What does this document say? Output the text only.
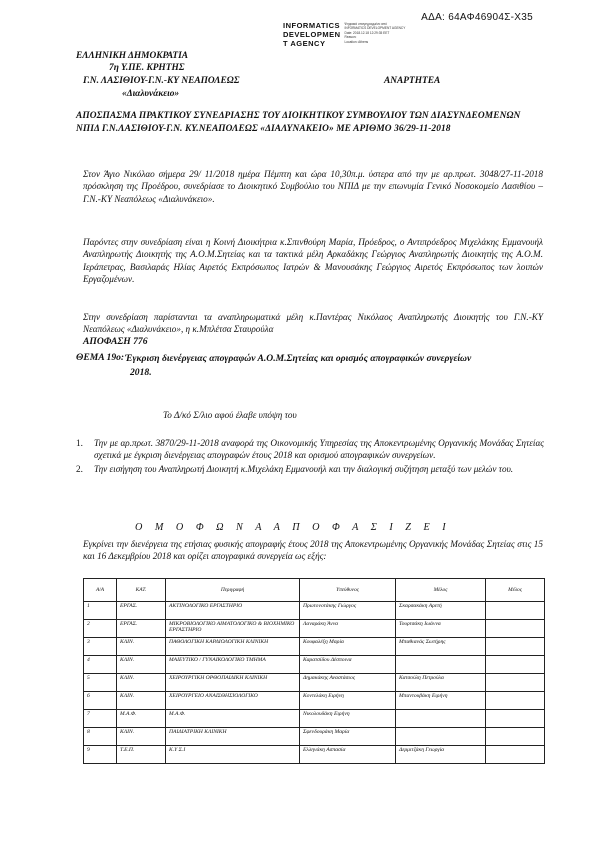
ΑΔΑ: 64ΑΦ46904Σ-Χ35
INFORMATICS
DEVELOPMEN
T AGENCY
Ψηφιακά υπογεγραμμένο από
INFORMATICS DEVELOPMENT AGENCY
Date: 2018.12.18 12:29:35 EET
Reason:
Location: Athens
ΕΛΛΗΝΙΚΗ ΔΗΜΟΚΡΑΤΙΑ
7η Υ.ΠΕ. ΚΡΗΤΗΣ
Γ.Ν. ΛΑΣΙΘΙΟΥ-Γ.Ν.-ΚΥ ΝΕΑΠΟΛΕΩΣ	ΑΝΑΡΤΗΤΕΑ
«Διαλυνάκειο»
ΑΠΟΣΠΑΣΜΑ ΠΡΑΚΤΙΚΟΥ ΣΥΝΕΔΡΙΑΣΗΣ ΤΟΥ ΔΙΟΙΚΗΤΙΚΟΥ ΣΥΜΒΟΥΛΙΟΥ ΤΩΝ ΔΙΑΣΥΝΔΕΟΜΕΝΩΝ ΝΠΙΔ Γ.Ν.ΛΑΣΙΘΙΟΥ-Γ.Ν. ΚΥ.ΝΕΑΠΟΛΕΩΣ «ΔΙΑΛΥΝΑΚΕΙΟ» ΜΕ ΑΡΙΘΜΟ 36/29-11-2018
Στον Άγιο Νικόλαο σήμερα 29/ 11/2018 ημέρα Πέμπτη και ώρα 10,30π.μ. ύστερα από την με αρ.πρωτ. 3048/27-11-2018 πρόσκληση της Προέδρου, συνεδρίασε το Διοικητικό Συμβούλιο του ΝΠΙΔ με την επωνυμία Γενικό Νοσοκομείο Λασιθίου – Γ.Ν.-ΚΥ Νεαπόλεως «Διαλυνάκειο».
Παρόντες στην συνεδρίαση είναι η Κοινή Διοικήτρια κ.Σπινθούρη Μαρία, Πρόεδρος, ο Αντιπρόεδρος Μιχελάκης Εμμανουήλ Αναπληρωτής Διοικητής της Α.Ο.Μ.Σητείας και τα τακτικά μέλη Αρκαδάκης Γεώργιος Αναπληρωτής Διοικητής της Α.Ο.Μ. Ιεράπετρας, Βασιλαράς Ηλίας Αιρετός Εκπρόσωπος Ιατρών & Μανουσάκης Γεώργιος Αιρετός Εκπρόσωπος των λοιπών Εργαζομένων.
Στην συνεδρίαση παρίστανται τα αναπληρωματικά μέλη κ.Παντέρας Νικόλαος Αναπληρωτής Διοικητής του Γ.Ν.-ΚΥ Νεαπόλεως «Διαλυνάκειο», η κ.Μπλέτσα Σταυρούλα
ΑΠΟΦΑΣΗ 776
ΘΕΜΑ 19ο: Έγκριση διενέργειας απογραφών Α.Ο.Μ.Σητείας και ορισμός απογραφικών συνεργείων 2018.
Το Δ/κό Σ/λιο αφού έλαβε υπόψη του
1.	Την με αρ.πρωτ. 3870/29-11-2018 αναφορά της Οικονομικής Υπηρεσίας της Αποκεντρωμένης Οργανικής Μονάδας Σητείας σχετικά με έγκριση διενέργειας απογραφών έτους 2018 και ορισμού απογραφικών συνεργείων.
2.	Την εισήγηση του Αναπληρωτή Διοικητή κ.Μιχελάκη Εμμανουήλ και την διαλογική συζήτηση μεταξύ των μελών του.
Ο Μ Ο Φ Ω Ν Α Α Π Ο Φ Α Σ Ι Ζ Ε Ι
Εγκρίνει την διενέργεια της ετήσιας φυσικής απογραφής έτους 2018 της Αποκεντρωμένης Οργανικής Μονάδας Σητείας στις 15 και 16 Δεκεμβρίου 2018 και ορίζει απογραφικά συνεργεία ως εξής:
Α/Α	ΚΑΤ.	Περιγραφή	Υπεύθυνος	Μέλος	Μέλος
1	ΕΡΓΑΣ.	ΑΚΤΙΝΟΛΟΓΙΚΟ ΕΡΓΑΣΤΗΡΙΟ	Πρωτονοτάκης Γιώργος	Σκαρσακάκη Αρετή	
2	ΕΡΓΑΣ.	ΜΙΚΡΟΒΙΟΛΟΓΙΚΟ ΑΙΜΑΤΟΛΟΓΙΚΟ & ΒΙΟΧΗΜΙΚΟ ΕΡΓΑΣΤΗΡΙΟ	Λαναράκη Άννα	Τουρτσάκη Ιωάννα	
3	ΚΛΙΝ.	ΠΑΘΟΛΟΓΙΚΗ ΚΑΡΔΙΟΛΟΓΙΚΗ ΚΛΙΝΙΚΗ	Κουφαλέξη Μαρία	Μπαθιανάς Σωτήρης	
4	ΚΛΙΝ.	ΜΑΙΕΥΤΙΚΟ / ΓΥΝΑΙΚΟΛΟΓΙΚΟ ΤΜΗΜΑ	Καρατσίδου Δέσποινα		
5	ΚΛΙΝ.	ΧΕΙΡΟΥΡΓΙΚΗ ΟΡΘΟΠΑΙΔΙΚΗ ΚΛΙΝΙΚΗ	Δημακάκης Αναστάσιος	Κατσούλη Πετρούλα	
6	ΚΛΙΝ.	ΧΕΙΡΟΥΡΓΕΙΟ ΑΝΑΙΣΘΗΣΙΟΛΟΓΙΚΟ	Κοντελάκη Ειρήνη	Μπαντουβάκη Ειρήνη	
7	Μ.Α.Φ.	Μ.Α.Φ.	Νικολουδάκη Ειρήνη		
8	ΚΛΙΝ.	ΠΑΙΔΙΑΤΡΙΚΗ ΚΛΙΝΙΚΗ	Σφενδουράκη Μαρία		
9	Τ.Ε.Π.	Κ.Υ Σ.Ι	Ελληνάκη Ασπασία	Δερμιτζάκη Γεωργία	
